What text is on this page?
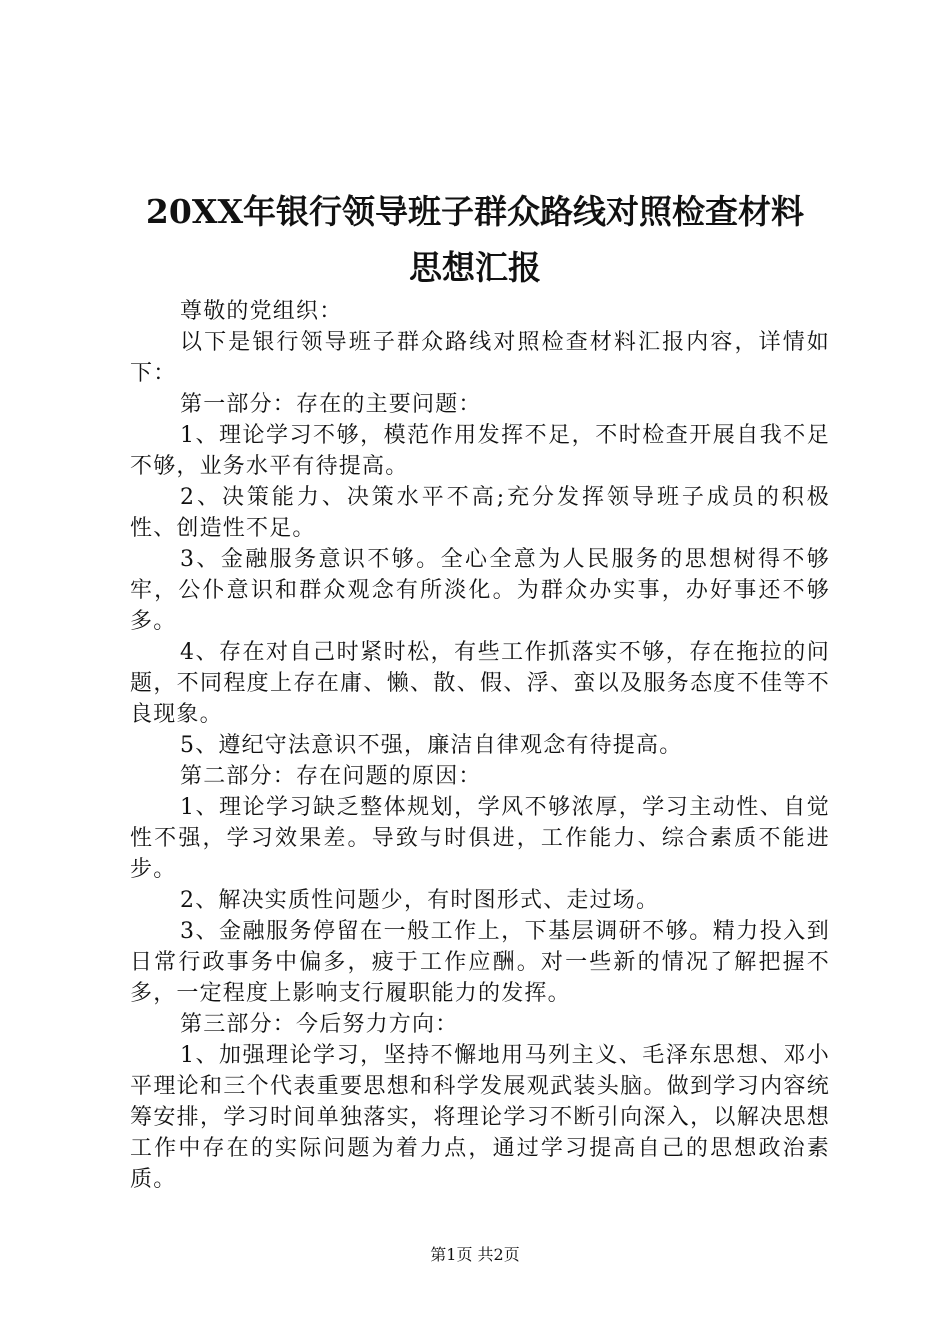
20XX年银行领导班子群众路线对照检查材料
思想汇报

尊敬的党组织：

以下是银行领导班子群众路线对照检查材料汇报内容，详情如下：

第一部分：存在的主要问题：

1、理论学习不够，模范作用发挥不足，不时检查开展自我不足不够，业务水平有待提高。

2、决策能力、决策水平不高;充分发挥领导班子成员的积极性、创造性不足。

3、金融服务意识不够。全心全意为人民服务的思想树得不够牢，公仆意识和群众观念有所淡化。为群众办实事，办好事还不够多。

4、存在对自己时紧时松，有些工作抓落实不够，存在拖拉的问题，不同程度上存在庸、懒、散、假、浮、蛮以及服务态度不佳等不良现象。

5、遵纪守法意识不强，廉洁自律观念有待提高。

第二部分：存在问题的原因：

1、理论学习缺乏整体规划，学风不够浓厚，学习主动性、自觉性不强，学习效果差。导致与时俱进，工作能力、综合素质不能进步。

2、解决实质性问题少，有时图形式、走过场。

3、金融服务停留在一般工作上，下基层调研不够。精力投入到日常行政事务中偏多，疲于工作应酬。对一些新的情况了解把握不多，一定程度上影响支行履职能力的发挥。

第三部分：今后努力方向：

1、加强理论学习，坚持不懈地用马列主义、毛泽东思想、邓小平理论和三个代表重要思想和科学发展观武装头脑。做到学习内容统筹安排，学习时间单独落实，将理论学习不断引向深入，以解决思想工作中存在的实际问题为着力点，通过学习提高自己的思想政治素质。

第1页 共2页
